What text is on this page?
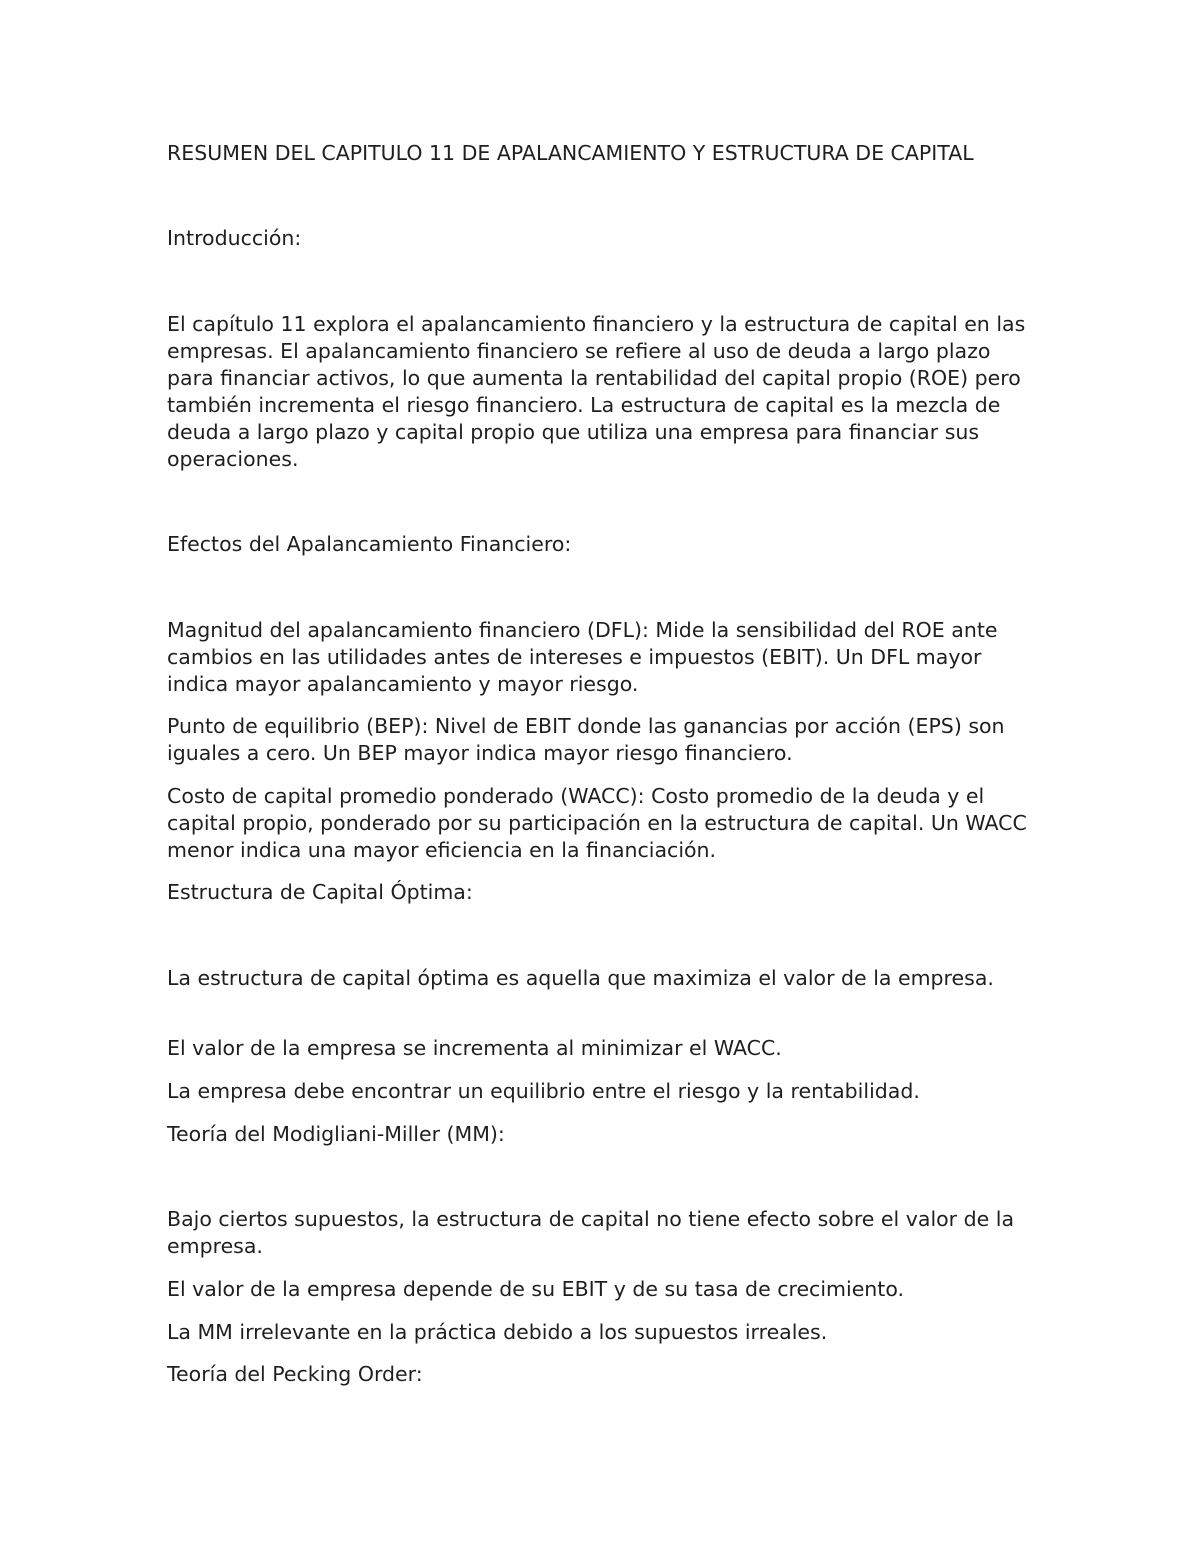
RESUMEN DEL CAPITULO 11 DE APALANCAMIENTO Y ESTRUCTURA DE CAPITAL

Introducción:

El capítulo 11 explora el apalancamiento financiero y la estructura de capital en las empresas. El apalancamiento financiero se refiere al uso de deuda a largo plazo para financiar activos, lo que aumenta la rentabilidad del capital propio (ROE) pero también incrementa el riesgo financiero. La estructura de capital es la mezcla de deuda a largo plazo y capital propio que utiliza una empresa para financiar sus operaciones.

Efectos del Apalancamiento Financiero:

Magnitud del apalancamiento financiero (DFL): Mide la sensibilidad del ROE ante cambios en las utilidades antes de intereses e impuestos (EBIT). Un DFL mayor indica mayor apalancamiento y mayor riesgo.

Punto de equilibrio (BEP): Nivel de EBIT donde las ganancias por acción (EPS) son iguales a cero. Un BEP mayor indica mayor riesgo financiero.

Costo de capital promedio ponderado (WACC): Costo promedio de la deuda y el capital propio, ponderado por su participación en la estructura de capital. Un WACC menor indica una mayor eficiencia en la financiación.

Estructura de Capital Óptima:

La estructura de capital óptima es aquella que maximiza el valor de la empresa.

El valor de la empresa se incrementa al minimizar el WACC.

La empresa debe encontrar un equilibrio entre el riesgo y la rentabilidad.

Teoría del Modigliani-Miller (MM):

Bajo ciertos supuestos, la estructura de capital no tiene efecto sobre el valor de la empresa.

El valor de la empresa depende de su EBIT y de su tasa de crecimiento.

La MM irrelevante en la práctica debido a los supuestos irreales.

Teoría del Pecking Order:
